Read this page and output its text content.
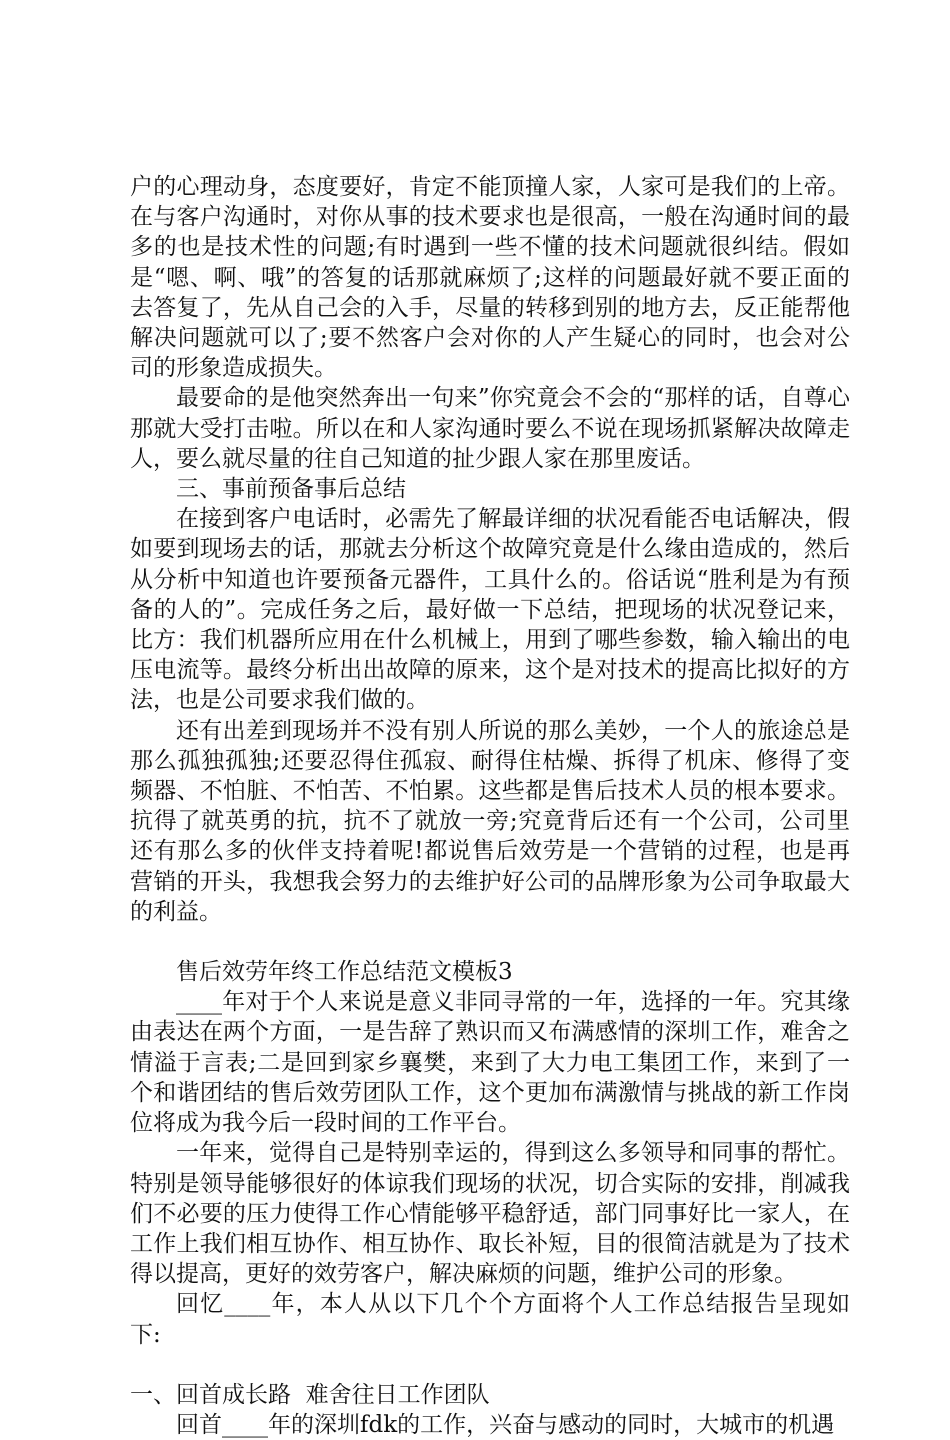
户的心理动身，态度要好，肯定不能顶撞人家，人家可是我们的上帝。在与客户沟通时，对你从事的技术要求也是很高，一般在沟通时间的最多的也是技术性的问题;有时遇到一些不懂的技术问题就很纠结。假如是“嗯、啊、哦”的答复的话那就麻烦了;这样的问题最好就不要正面的去答复了，先从自己会的入手，尽量的转移到别的地方去，反正能帮他解决问题就可以了;要不然客户会对你的人产生疑心的同时，也会对公司的形象造成损失。

最要命的是他突然奔出一句来”你究竟会不会的“那样的话，自尊心那就大受打击啦。所以在和人家沟通时要么不说在现场抓紧解决故障走人，要么就尽量的往自己知道的扯少跟人家在那里废话。

三、事前预备事后总结

在接到客户电话时，必需先了解最详细的状况看能否电话解决，假如要到现场去的话，那就去分析这个故障究竟是什么缘由造成的，然后从分析中知道也许要预备元器件，工具什么的。俗话说“胜利是为有预备的人的”。完成任务之后，最好做一下总结，把现场的状况登记来，比方：我们机器所应用在什么机械上，用到了哪些参数，输入输出的电压电流等。最终分析出出故障的原来，这个是对技术的提高比拟好的方法，也是公司要求我们做的。

还有出差到现场并不没有别人所说的那么美妙，一个人的旅途总是那么孤独孤独;还要忍得住孤寂、耐得住枯燥、拆得了机床、修得了变频器、不怕脏、不怕苦、不怕累。这些都是售后技术人员的根本要求。抗得了就英勇的抗，抗不了就放一旁;究竟背后还有一个公司，公司里还有那么多的伙伴支持着呢!都说售后效劳是一个营销的过程，也是再营销的开头，我想我会努力的去维护好公司的品牌形象为公司争取最大的利益。

售后效劳年终工作总结范文模板3

____年对于个人来说是意义非同寻常的一年，选择的一年。究其缘由表达在两个方面，一是告辞了熟识而又布满感情的深圳工作，难舍之情溢于言表;二是回到家乡襄樊，来到了大力电工集团工作，来到了一个和谐团结的售后效劳团队工作，这个更加布满激情与挑战的新工作岗位将成为我今后一段时间的工作平台。

一年来，觉得自己是特别幸运的，得到这么多领导和同事的帮忙。特别是领导能够很好的体谅我们现场的状况，切合实际的安排，削减我们不必要的压力使得工作心情能够平稳舒适，部门同事好比一家人，在工作上我们相互协作、相互协作、取长补短，目的很简洁就是为了技术得以提高，更好的效劳客户，解决麻烦的问题，维护公司的形象。

回忆____年，本人从以下几个个方面将个人工作总结报告呈现如下:

一、回首成长路  难舍往日工作团队

回首____年的深圳fdk的工作，兴奋与感动的同时，大城市的机遇
